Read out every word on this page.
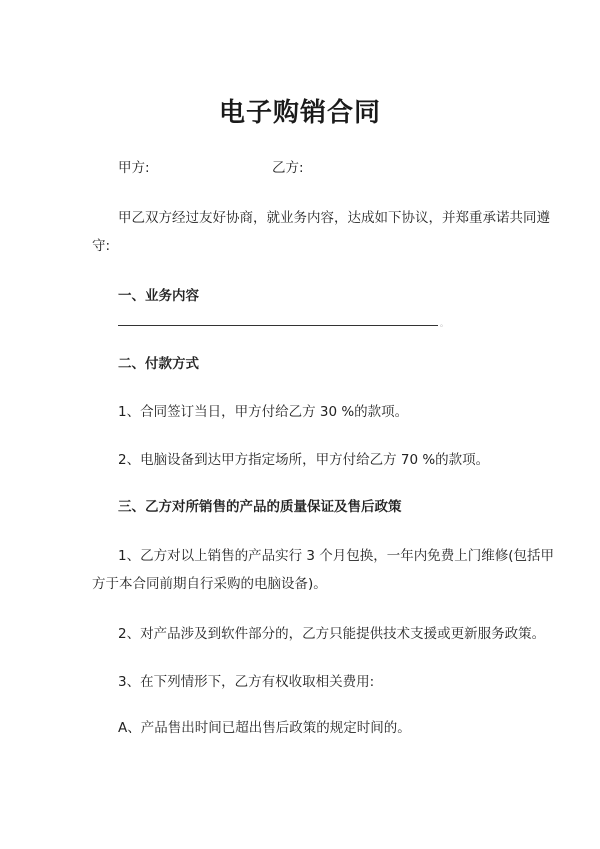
电子购销合同
甲方:	乙方:
甲乙双方经过友好协商，就业务内容，达成如下协议，并郑重承诺共同遵
守:
一、业务内容
。
二、付款方式
1、合同签订当日，甲方付给乙方 30 %的款项。
2、电脑设备到达甲方指定场所，甲方付给乙方 70 %的款项。
三、乙方对所销售的产品的质量保证及售后政策
1、乙方对以上销售的产品实行 3 个月包换，一年内免费上门维修(包括甲
方于本合同前期自行采购的电脑设备)。
2、对产品涉及到软件部分的，乙方只能提供技术支援或更新服务政策。
3、在下列情形下，乙方有权收取相关费用:
A、产品售出时间已超出售后政策的规定时间的。
